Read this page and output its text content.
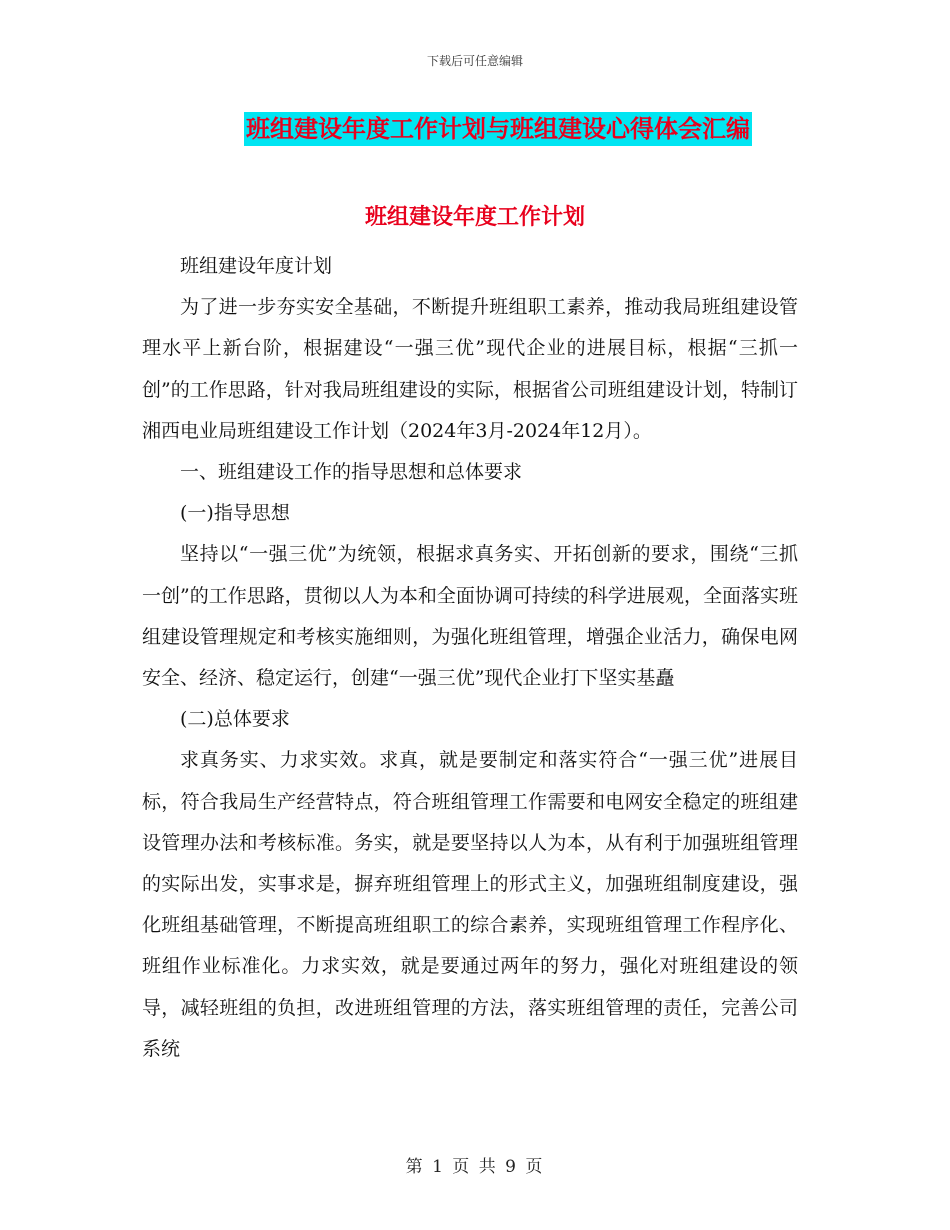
下载后可任意编辑
班组建设年度工作计划与班组建设心得体会汇编
班组建设年度工作计划

班组建设年度计划

为了进一步夯实安全基础，不断提升班组职工素养，推动我局班组建设管理水平上新台阶，根据建设“一强三优”现代企业的进展目标，根据“三抓一创”的工作思路，针对我局班组建设的实际，根据省公司班组建设计划，特制订湘西电业局班组建设工作计划（2024年3月-2024年12月）。

一、班组建设工作的指导思想和总体要求

(一)指导思想

坚持以“一强三优”为统领，根据求真务实、开拓创新的要求，围绕“三抓一创”的工作思路，贯彻以人为本和全面协调可持续的科学进展观，全面落实班组建设管理规定和考核实施细则，为强化班组管理，增强企业活力，确保电网安全、经济、稳定运行，创建“一强三优”现代企业打下坚实基矗

(二)总体要求

求真务实、力求实效。求真，就是要制定和落实符合“一强三优”进展目标，符合我局生产经营特点，符合班组管理工作需要和电网安全稳定的班组建设管理办法和考核标准。务实，就是要坚持以人为本，从有利于加强班组管理的实际出发，实事求是，摒弃班组管理上的形式主义，加强班组制度建设，强化班组基础管理，不断提高班组职工的综合素养，实现班组管理工作程序化、班组作业标准化。力求实效，就是要通过两年的努力，强化对班组建设的领导，减轻班组的负担，改进班组管理的方法，落实班组管理的责任，完善公司系统

第 1 页 共 9 页
